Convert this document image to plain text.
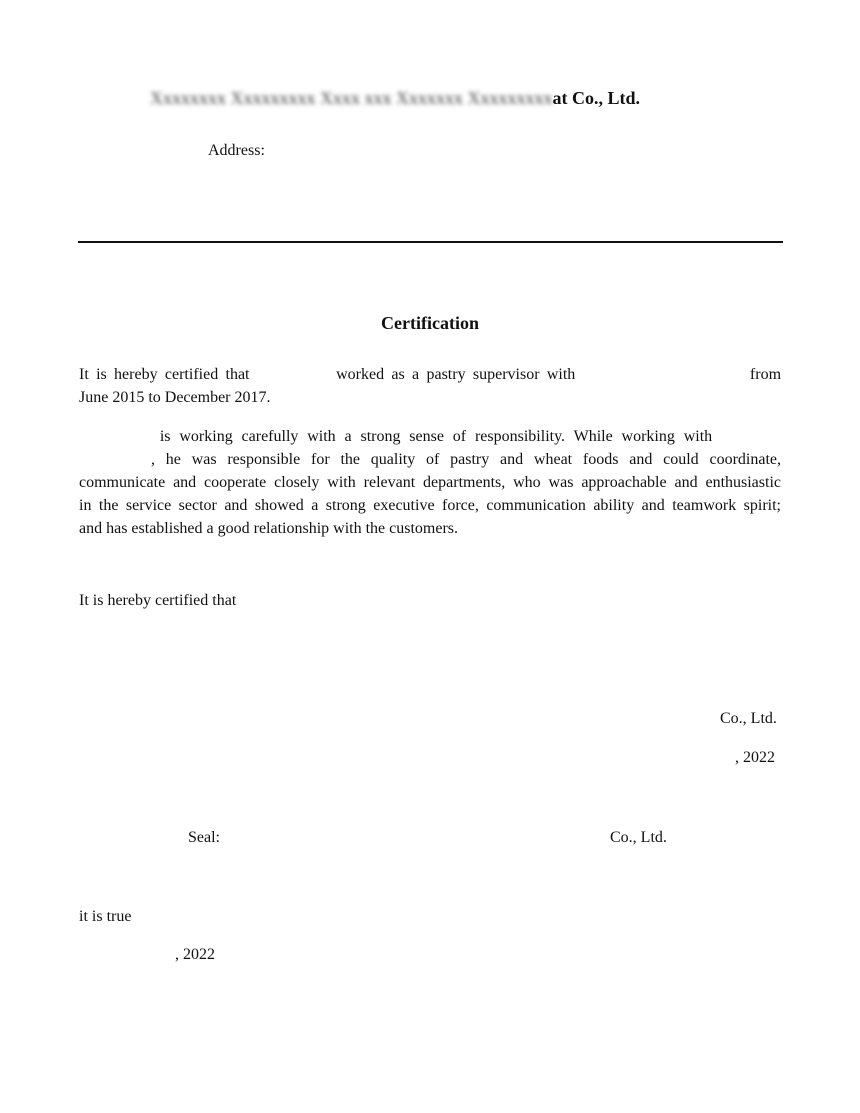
Xxxxxxxx Xxxxxxxxx Xxxx xxx Xxxxxxx Xxxxxxxxxat Co., Ltd.
Address:
Certification
It is hereby certified that	worked as a pastry supervisor with	from
June 2015 to December 2017.
is working carefully with a strong sense of responsibility. While working with
, he was responsible for the quality of pastry and wheat foods and could coordinate,
communicate and cooperate closely with relevant departments, who was approachable and enthusiastic
in the service sector and showed a strong executive force, communication ability and teamwork spirit;
and has established a good relationship with the customers.
It is hereby certified that
Co., Ltd.
, 2022
Seal:	Co., Ltd.
it is true
, 2022
